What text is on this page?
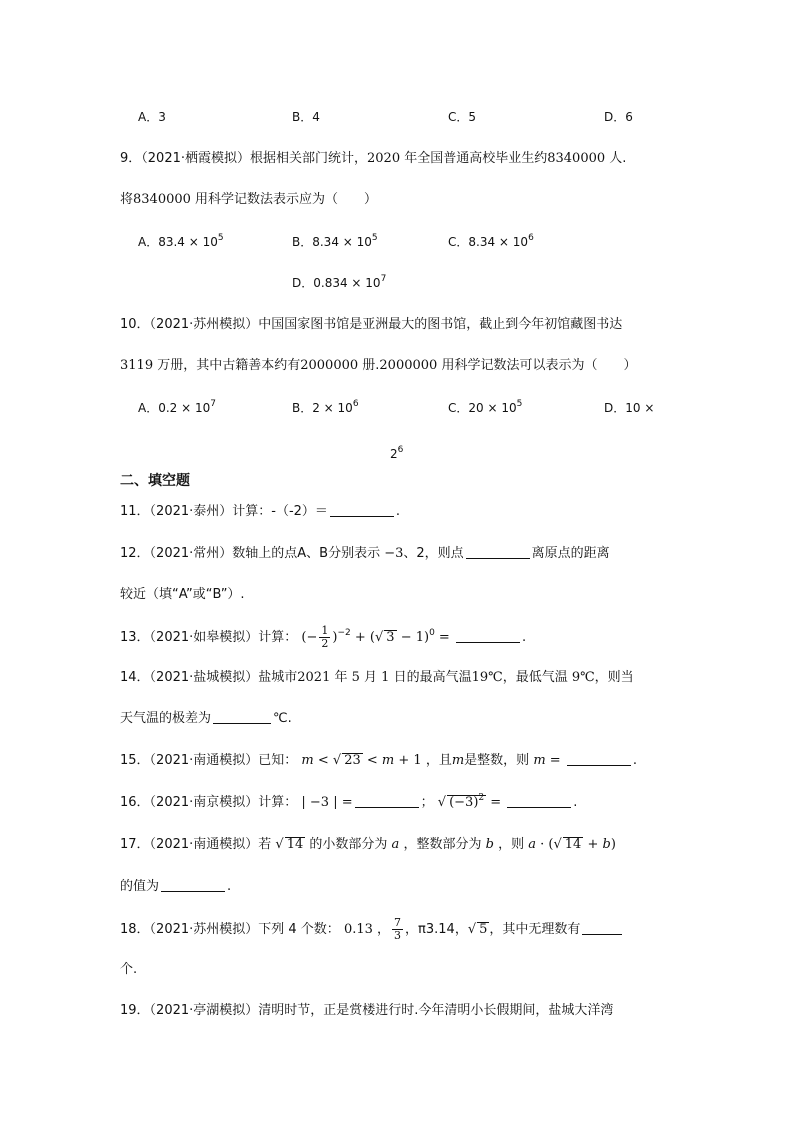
A．3	B．4	C．5	D．6
9．（2021·栖霞模拟）根据相关部门统计，2020 年全国普通高校毕业生约8340000 人.
将8340000 用科学记数法表示应为（　　）
A．$83.4 \times 10^5$	B．$8.34 \times 10^5$	C．$8.34 \times 10^6$
D．$0.834 \times 10^7$
10．（2021·苏州模拟）中国国家图书馆是亚洲最大的图书馆，截止到今年初馆藏图书达
3119 万册，其中古籍善本约有2000000 册.2000000 用科学记数法可以表示为（　　）
A．$0.2 \times 10^7$	B．$2 \times 10^6$	C．$20 \times 10^5$	D．10 ×
$2^6$
二、填空题
11．（2021·泰州）计算：-（-2）＝	.
12．（2021·常州）数轴上的点A、B分别表示 −3、2，则点	离原点的距离
较近（填“A”或“B”）.
13．（2021·如皋模拟）计算： (− $\frac{1}{2} )^{-2}$ + (√ 3 − 1)$^0$ =	.
14．（2021·盐城模拟）盐城市2021 年 5 月 1 日的最高气温19℃，最低气温 9℃，则当
天气温的极差为	℃.
15．（2021·南通模拟）已知： m < √ 23 < m + 1 ，且m是整数，则 m =	.
16．（2021·南京模拟）计算： | −3 | =	； √ $(-3)^2$ =	.
17．（2021·南通模拟）若 √ 14 的小数部分为 a ，整数部分为 b ，则 a · (√ 14 + b)
的值为	.
18．（2021·苏州模拟）下列 4 个数： 0.13 ， $\frac{7}{3}$ ，π3.14，√ 5 ，其中无理数有
个.
19．（2021·亭湖模拟）清明时节，正是赏楼进行时.今年清明小长假期间，盐城大洋湾
